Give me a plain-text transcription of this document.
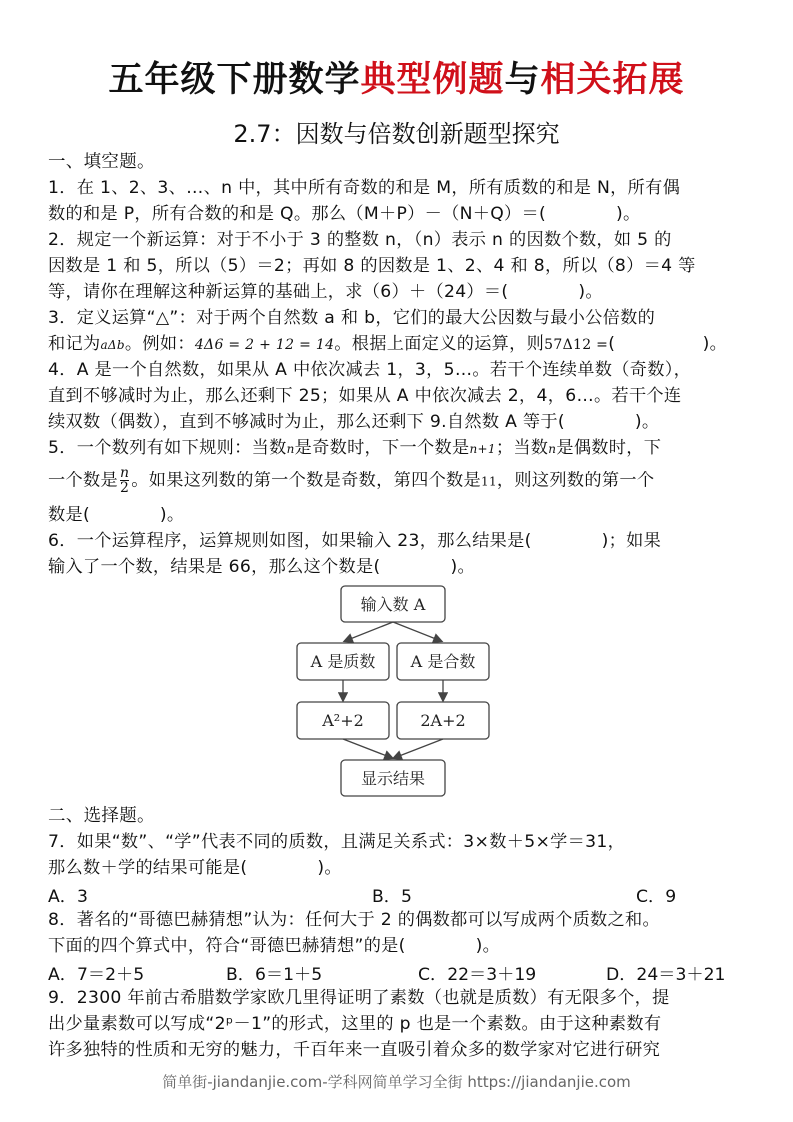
五年级下册数学典型例题与相关拓展
2.7：因数与倍数创新题型探究
一、填空题。
1．在 1、2、3、…、n 中，其中所有奇数的和是 M，所有质数的和是 N，所有偶
数的和是 P，所有合数的和是 Q。那么（M＋P）－（N＋Q）＝(　　　　)。
2．规定一个新运算：对于不小于 3 的整数 n，（n）表示 n 的因数个数，如 5 的
因数是 1 和 5，所以（5）＝2；再如 8 的因数是 1、2、4 和 8，所以（8）＝4 等
等，请你在理解这种新运算的基础上，求（6）＋（24）＝(　　　　)。
3．定义运算“△”：对于两个自然数 a 和 b，它们的最大公因数与最小公倍数的
和记为aΔb。例如：4Δ6 = 2 + 12 = 14。根据上面定义的运算，则57Δ12 =(　　　　　)。
4．A 是一个自然数，如果从 A 中依次减去 1，3，5…。若干个连续单数（奇数），
直到不够减时为止，那么还剩下 25；如果从 A 中依次减去 2，4，6…。若干个连
续双数（偶数），直到不够减时为止，那么还剩下 9.自然数 A 等于(　　　　)。
5．一个数列有如下规则：当数n是奇数时，下一个数是n+1；当数n是偶数时，下
一个数是 $\frac{n}{2}$ 。如果这列数的第一个数是奇数，第四个数是11，则这列数的第一个
数是(　　　　)。
6．一个运算程序，运算规则如图，如果输入 23，那么结果是(　　　　)；如果
输入了一个数，结果是 66，那么这个数是(　　　　)。
输入数 A
A 是质数 A 是合数
A²+2	2A+2
显示结果
二、选择题。
7．如果“数”、“学”代表不同的质数，且满足关系式：3×数＋5×学＝31，
那么数＋学的结果可能是(　　　　)。
A．3	B．5	C．9
8．著名的“哥德巴赫猜想”认为：任何大于 2 的偶数都可以写成两个质数之和。
下面的四个算式中，符合“哥德巴赫猜想”的是(　　　　)。
A．7＝2＋5	B．6＝1＋5	C．22＝3＋19	D．24＝3＋21
9．2300 年前古希腊数学家欧几里得证明了素数（也就是质数）有无限多个，提
出少量素数可以写成“2ᵖ－1”的形式，这里的 p 也是一个素数。由于这种素数有
许多独特的性质和无穷的魅力，千百年来一直吸引着众多的数学家对它进行研究
简单街-jiandanjie.com-学科网简单学习全街 https://jiandanjie.com
